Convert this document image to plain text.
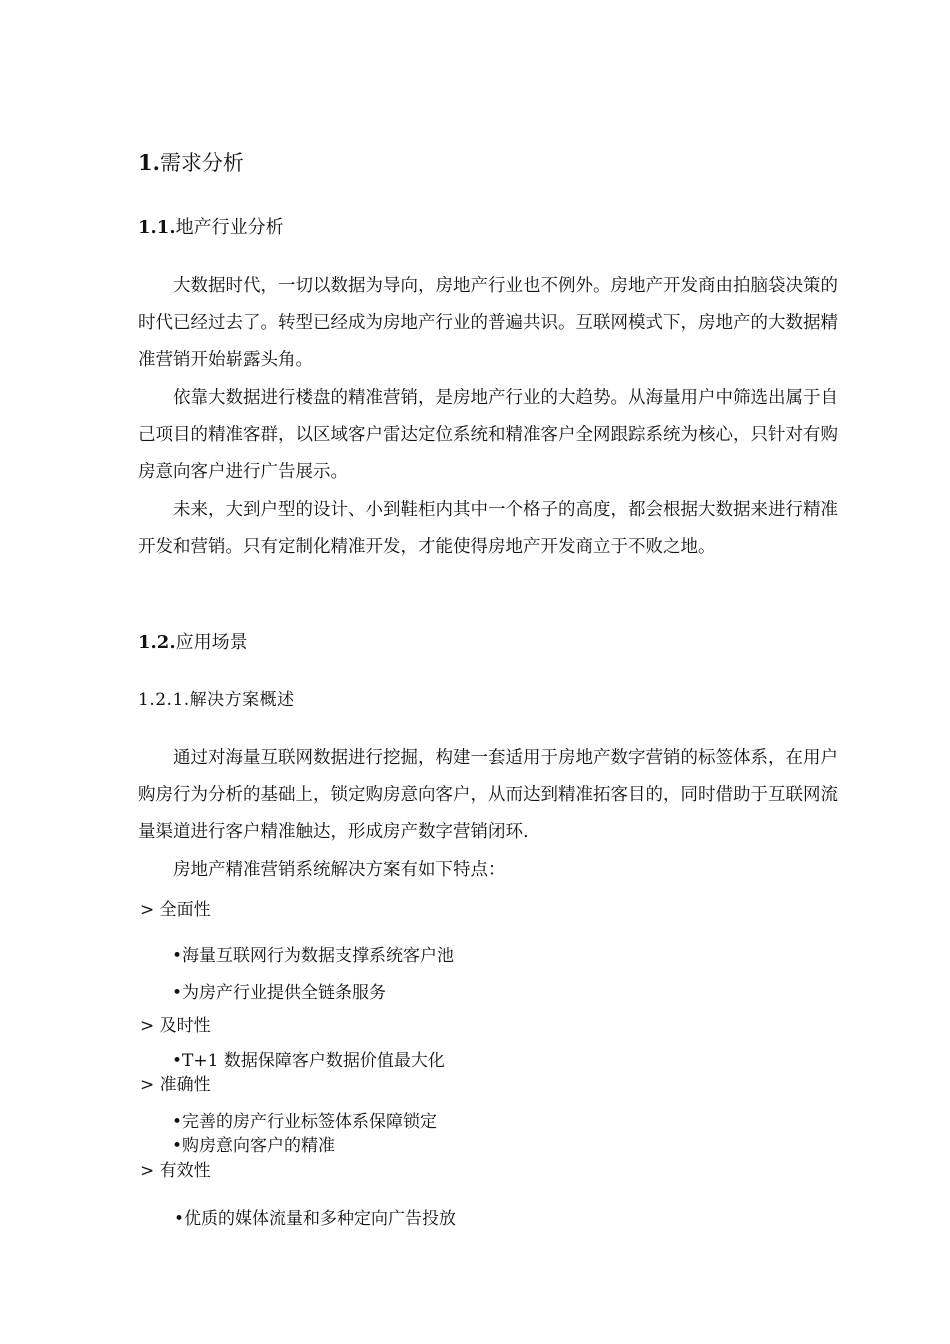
1.需求分析
1.1.地产行业分析

大数据时代，一切以数据为导向，房地产行业也不例外。房地产开发商由拍脑袋决策的时代已经过去了。转型已经成为房地产行业的普遍共识。互联网模式下，房地产的大数据精准营销开始崭露头角。

依靠大数据进行楼盘的精准营销，是房地产行业的大趋势。从海量用户中筛选出属于自己项目的精准客群，以区域客户雷达定位系统和精准客户全网跟踪系统为核心，只针对有购房意向客户进行广告展示。

未来，大到户型的设计、小到鞋柜内其中一个格子的高度，都会根据大数据来进行精准开发和营销。只有定制化精准开发，才能使得房地产开发商立于不败之地。

1.2.应用场景
1.2.1.解决方案概述

通过对海量互联网数据进行挖掘，构建一套适用于房地产数字营销的标签体系，在用户购房行为分析的基础上，锁定购房意向客户，从而达到精准拓客目的，同时借助于互联网流量渠道进行客户精准触达，形成房产数字营销闭环.

房地产精准营销系统解决方案有如下特点：

> 全面性
•海量互联网行为数据支撑系统客户池
•为房产行业提供全链条服务
> 及时性
•T+1 数据保障客户数据价值最大化
> 准确性
•完善的房产行业标签体系保障锁定
•购房意向客户的精准
> 有效性
•优质的媒体流量和多种定向广告投放
